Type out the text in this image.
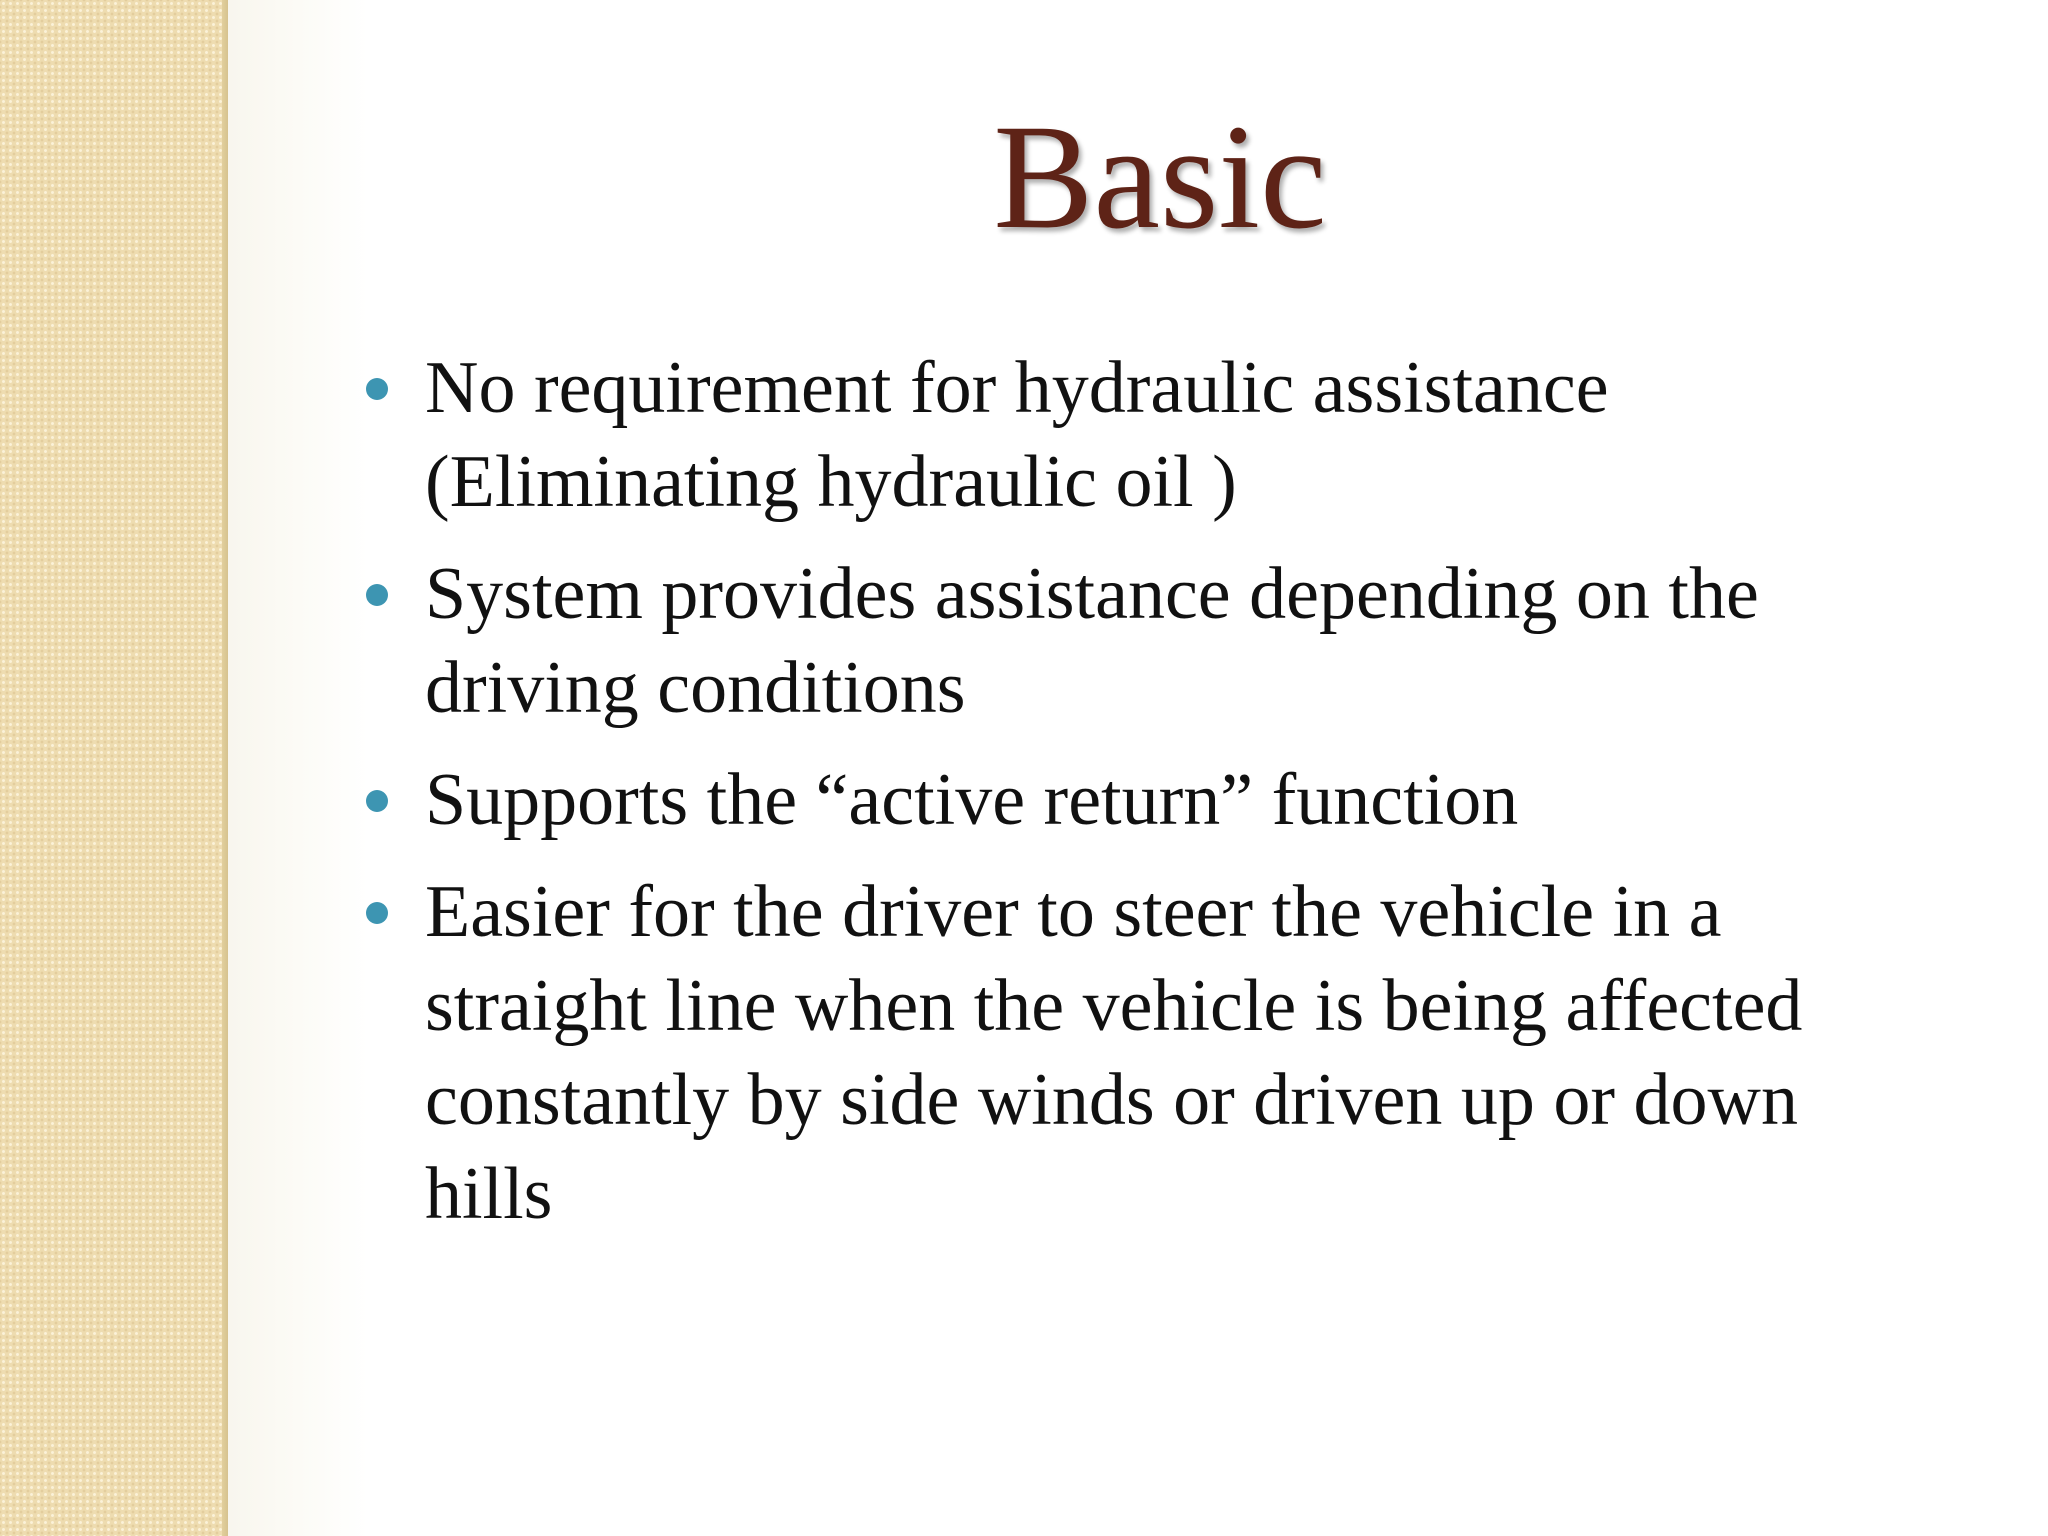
Basic
No requirement for hydraulic assistance (Eliminating hydraulic oil )
System provides assistance depending on the driving conditions
Supports the “active return” function
Easier for the driver to steer the vehicle in a straight line when the vehicle is being affected constantly by side winds or driven up or down hills
